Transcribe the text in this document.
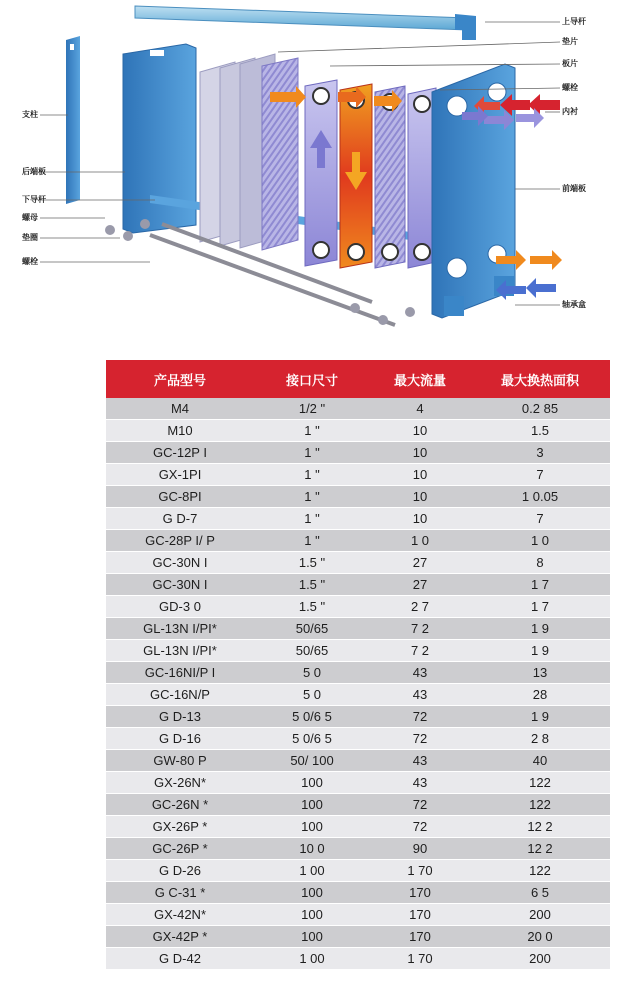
上导杆
垫片
板片
螺栓
内衬
支柱
后端板
前端板
下导杆
螺母
垫圈
螺栓
轴承盒
产品型号	接口尺寸	最大流量	最大换热面积
M4	1/2 "	4	0.2 85
M10	1 "	10	1.5
GC-12P I	1 "	10	3
GX-1PI	1 "	10	7
GC-8PI	1 "	10	1 0.05
G D-7	1 "	10	7
GC-28P I/ P	1 "	1 0	1 0
GC-30N I	1.5 "	27	8
GC-30N I	1.5 "	27	1 7
GD-3 0	1.5 "	2 7	1 7
GL-13N I/PI*	50/65	7 2	1 9
GL-13N I/PI*	50/65	7 2	1 9
GC-16NI/P I	5 0	43	13
GC-16N/P	5 0	43	28
G D-13	5 0/6 5	72	1 9
G D-16	5 0/6 5	72	2 8
GW-80 P	50/ 100	43	40
GX-26N*	100	43	122
GC-26N *	100	72	122
GX-26P *	100	72	12 2
GC-26P *	10 0	90	12 2
G D-26	1 00	1 70	122
G C-31 *	100	170	6 5
GX-42N*	100	170	200
GX-42P *	100	170	20 0
G D-42	1 00	1 70	200
